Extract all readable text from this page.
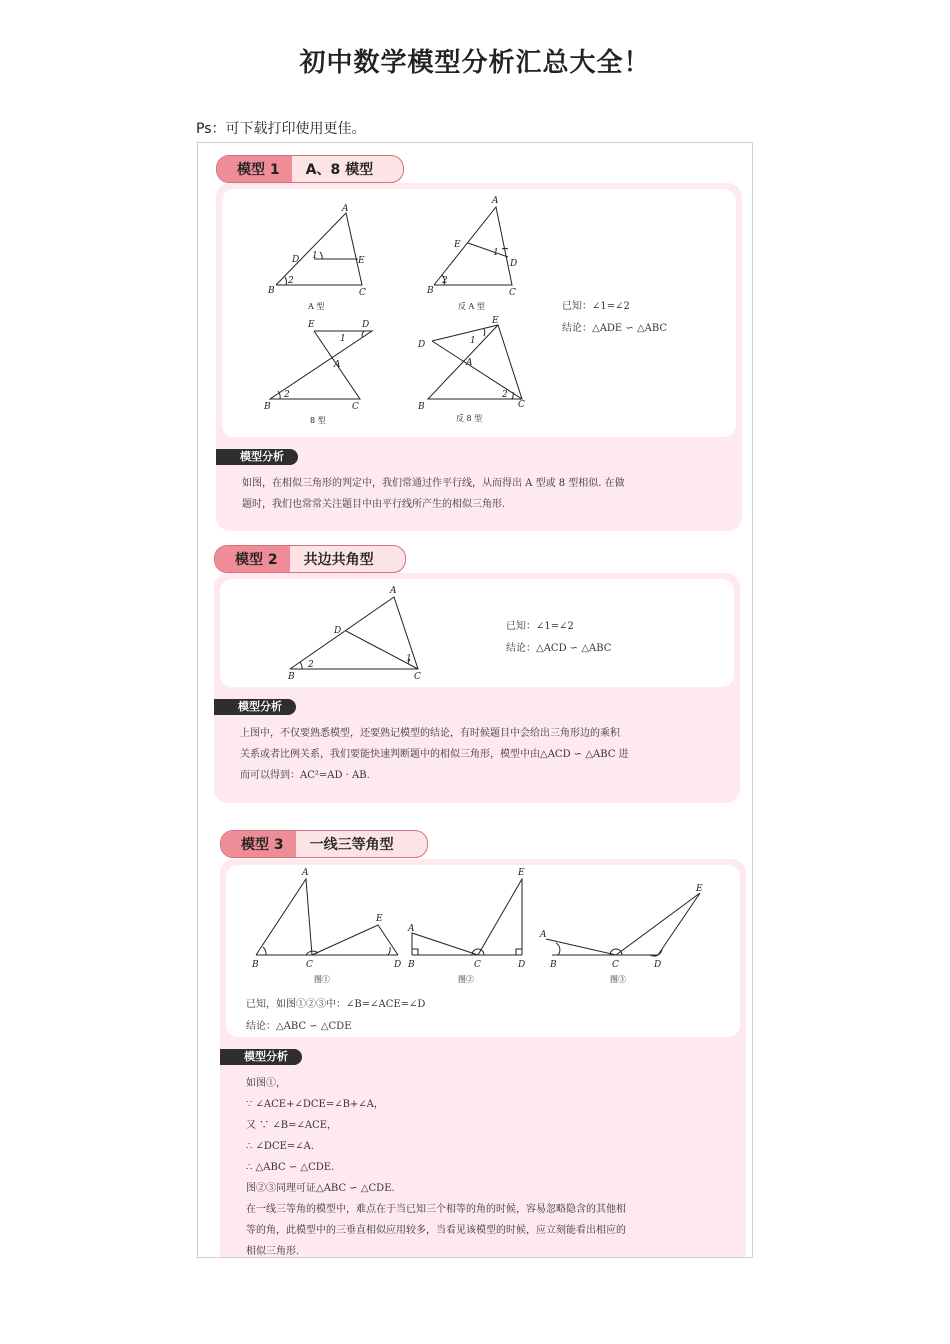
初中数学模型分析汇总大全！
Ps：可下载打印使用更佳。
模型 1	A、8 模型
A
B	C
D	E
1
2
A
B	C
D
E
1
2
E	D
A
B	C
1
2
E
D
A
B	C
1
2
A 型	反 A 型
8 型	反 8 型
已知：∠1=∠2
结论：△ADE ∽ △ABC
模型分析
如图，在相似三角形的判定中，我们常通过作平行线，从而得出 A 型或 8 型相似. 在做
题时，我们也常常关注题目中由平行线所产生的相似三角形.
模型 2	共边共角型
A
B	C
D
2
1
已知：∠1=∠2
结论：△ACD ∽ △ABC
模型分析
上图中，不仅要熟悉模型，还要熟记模型的结论，有时候题目中会给出三角形边的乘积
关系或者比例关系，我们要能快速判断题中的相似三角形，模型中由△ACD ∽ △ABC 进
而可以得到：AC²=AD · AB.
模型 3	一线三等角型
A
B	C	D
E
A
B	C	D
E
A
B	C	D
E
图①	图②	图③
已知，如图①②③中：∠B=∠ACE=∠D
结论：△ABC ∽ △CDE
模型分析
如图①，
∵ ∠ACE+∠DCE=∠B+∠A，
又 ∵ ∠B=∠ACE，
∴ ∠DCE=∠A.
∴ △ABC ∽ △CDE.
图②③同理可证△ABC ∽ △CDE.
在一线三等角的模型中，难点在于当已知三个相等的角的时候，容易忽略隐含的其他相
等的角，此模型中的三垂直相似应用较多，当看见该模型的时候，应立刻能看出相应的
相似三角形.
